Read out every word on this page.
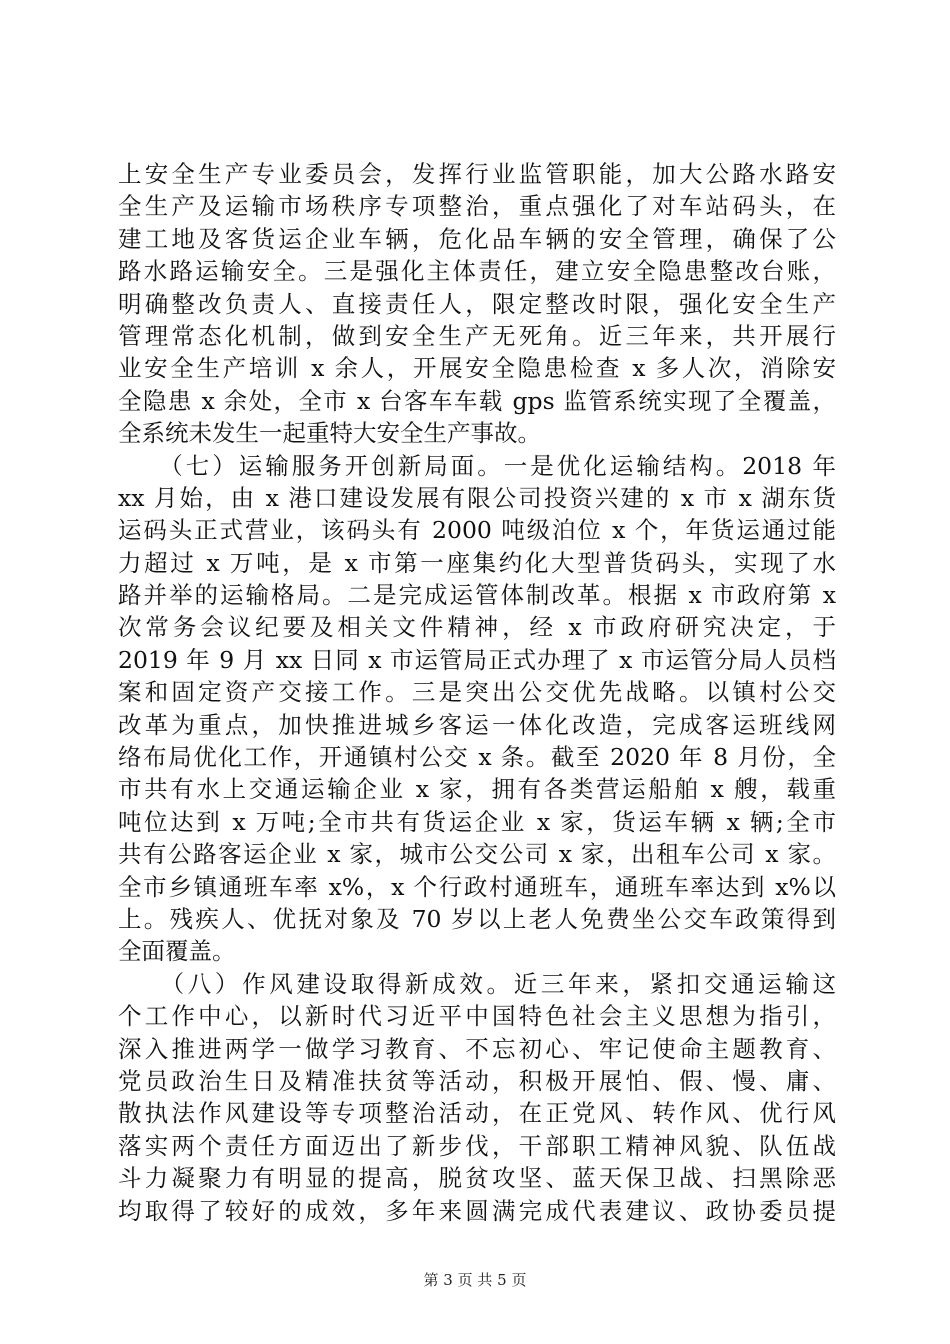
上安全生产专业委员会，发挥行业监管职能，加大公路水路安
全生产及运输市场秩序专项整治，重点强化了对车站码头，在
建工地及客货运企业车辆，危化品车辆的安全管理，确保了公
路水路运输安全。三是强化主体责任，建立安全隐患整改台账，
明确整改负责人、直接责任人，限定整改时限，强化安全生产
管理常态化机制，做到安全生产无死角。近三年来，共开展行
业安全生产培训 x 余人，开展安全隐患检查 x 多人次，消除安
全隐患 x 余处，全市 x 台客车车载 gps 监管系统实现了全覆盖，
全系统未发生一起重特大安全生产事故。
　　（七）运输服务开创新局面。一是优化运输结构。2018 年
xx 月始，由 x 港口建设发展有限公司投资兴建的 x 市 x 湖东货
运码头正式营业，该码头有 2000 吨级泊位 x 个，年货运通过能
力超过 x 万吨，是 x 市第一座集约化大型普货码头，实现了水
路并举的运输格局。二是完成运管体制改革。根据 x 市政府第 x
次常务会议纪要及相关文件精神，经 x 市政府研究决定，于
2019 年 9 月 xx 日同 x 市运管局正式办理了 x 市运管分局人员档
案和固定资产交接工作。三是突出公交优先战略。以镇村公交
改革为重点，加快推进城乡客运一体化改造，完成客运班线网
络布局优化工作，开通镇村公交 x 条。截至 2020 年 8 月份，全
市共有水上交通运输企业 x 家，拥有各类营运船舶 x 艘，载重
吨位达到 x 万吨;全市共有货运企业 x 家，货运车辆 x 辆;全市
共有公路客运企业 x 家，城市公交公司 x 家，出租车公司 x 家。
全市乡镇通班车率 x%，x 个行政村通班车，通班车率达到 x%以
上。残疾人、优抚对象及 70 岁以上老人免费坐公交车政策得到
全面覆盖。
　　（八）作风建设取得新成效。近三年来，紧扣交通运输这
个工作中心，以新时代习近平中国特色社会主义思想为指引，
深入推进两学一做学习教育、不忘初心、牢记使命主题教育、
党员政治生日及精准扶贫等活动，积极开展怕、假、慢、庸、
散执法作风建设等专项整治活动，在正党风、转作风、优行风
落实两个责任方面迈出了新步伐，干部职工精神风貌、队伍战
斗力凝聚力有明显的提高，脱贫攻坚、蓝天保卫战、扫黑除恶
均取得了较好的成效，多年来圆满完成代表建议、政协委员提
第 3 页 共 5 页
